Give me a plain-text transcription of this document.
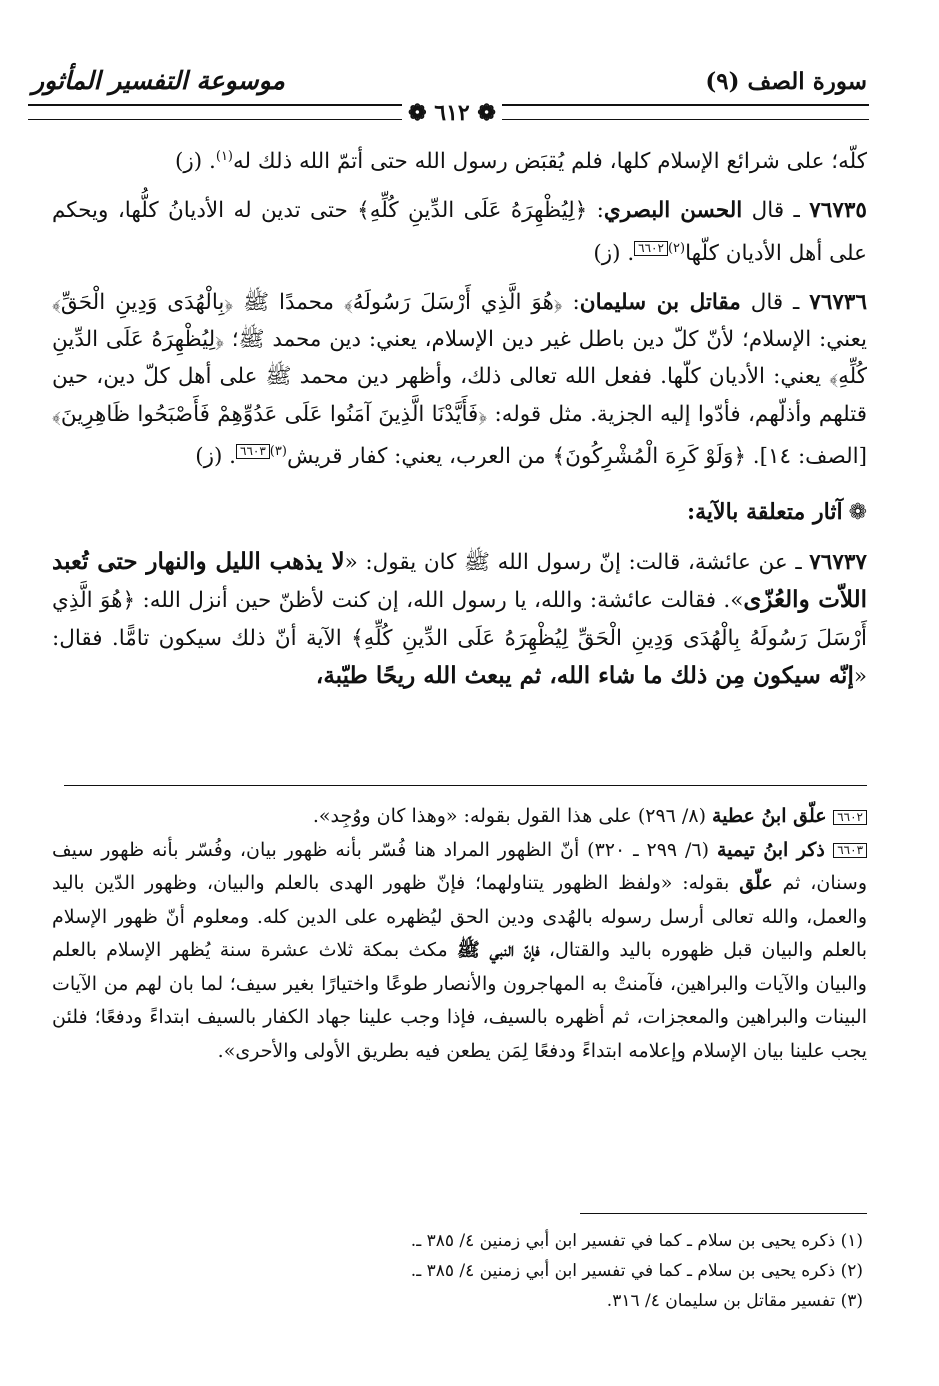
سورة الصف (٩)
موسوعة التفسير المأثور
❁ ٦١٢ ❁

كلّه؛ على شرائع الإسلام كلها، فلم يُقبَض رسول الله حتى أتمّ الله ذلك له$^{(١)}$. (ز)

٧٦٧٣٥ ـ قال الحسن البصري: ﴿لِيُظْهِرَهُ عَلَى الدِّينِ كُلِّهِ﴾ حتى تدين له الأديانُ كلُّها، ويحكم على أهل الأديان كلّها$^{(٢)}$٦٦٠٢. (ز)

٧٦٧٣٦ ـ قال مقاتل بن سليمان: ﴿هُوَ الَّذِي أَرْسَلَ رَسُولَهُ﴾ محمدًا ﷺ ﴿بِالْهُدَى وَدِينِ الْحَقِّ﴾ يعني: الإسلام؛ لأنّ كلّ دين باطل غير دين الإسلام، يعني: دين محمد ﷺ؛ ﴿لِيُظْهِرَهُ عَلَى الدِّينِ كُلِّهِ﴾ يعني: الأديان كلّها. ففعل الله تعالى ذلك، وأظهر دين محمد ﷺ على أهل كلّ دين، حين قتلهم وأذلّهم، فأدّوا إليه الجزية. مثل قوله: ﴿فَأَيَّدْنَا الَّذِينَ آمَنُوا عَلَى عَدُوِّهِمْ فَأَصْبَحُوا ظَاهِرِينَ﴾ [الصف: ١٤]. ﴿وَلَوْ كَرِهَ الْمُشْرِكُونَ﴾ من العرب، يعني: كفار قريش$^{(٣)}$٦٦٠٣. (ز)

❁آثار متعلقة بالآية:

٧٦٧٣٧ ـ عن عائشة، قالت: إنّ رسول الله ﷺ كان يقول: «لا يذهب الليل والنهار حتى تُعبد اللاّت والعُزّى». فقالت عائشة: والله، يا رسول الله، إن كنت لأظنّ حين أنزل الله: ﴿هُوَ الَّذِي أَرْسَلَ رَسُولَهُ بِالْهُدَى وَدِينِ الْحَقِّ لِيُظْهِرَهُ عَلَى الدِّينِ كُلِّهِ﴾ الآية أنّ ذلك سيكون تامًّا. فقال: «إنّه سيكون مِن ذلك ما شاء الله، ثم يبعث الله ريحًا طيّبة،

٦٦٠٢ علّق ابنُ عطية (٨/ ٢٩٦) على هذا القول بقوله: «وهذا كان ووُجِد».

٦٦٠٣ ذكر ابنُ تيمية (٦/ ٢٩٩ ـ ٣٢٠) أنّ الظهور المراد هنا فُسّر بأنه ظهور بيان، وفُسّر بأنه ظهور سيف وسنان، ثم علّق بقوله: «ولفظ الظهور يتناولهما؛ فإنّ ظهور الهدى بالعلم والبيان، وظهور الدّين باليد والعمل، والله تعالى أرسل رسوله بالهُدى ودين الحق ليُظهره على الدين كله. ومعلوم أنّ ظهور الإسلام بالعلم والبيان قبل ظهوره باليد والقتال، فإنّ النبي ﷺ مكث بمكة ثلاث عشرة سنة يُظهر الإسلام بالعلم والبيان والآيات والبراهين، فآمنتْ به المهاجرون والأنصار طوعًا واختيارًا بغير سيف؛ لما بان لهم من الآيات البينات والبراهين والمعجزات، ثم أظهره بالسيف، فإذا وجب علينا جهاد الكفار بالسيف ابتداءً ودفعًا؛ فلئن يجب علينا بيان الإسلام وإعلامه ابتداءً ودفعًا لِمَن يطعن فيه بطريق الأولى والأحرى».

(١) ذكره يحيى بن سلام ـ كما في تفسير ابن أبي زمنين ٤/ ٣٨٥ ـ.

(٢) ذكره يحيى بن سلام ـ كما في تفسير ابن أبي زمنين ٤/ ٣٨٥ ـ.

(٣) تفسير مقاتل بن سليمان ٤/ ٣١٦.
